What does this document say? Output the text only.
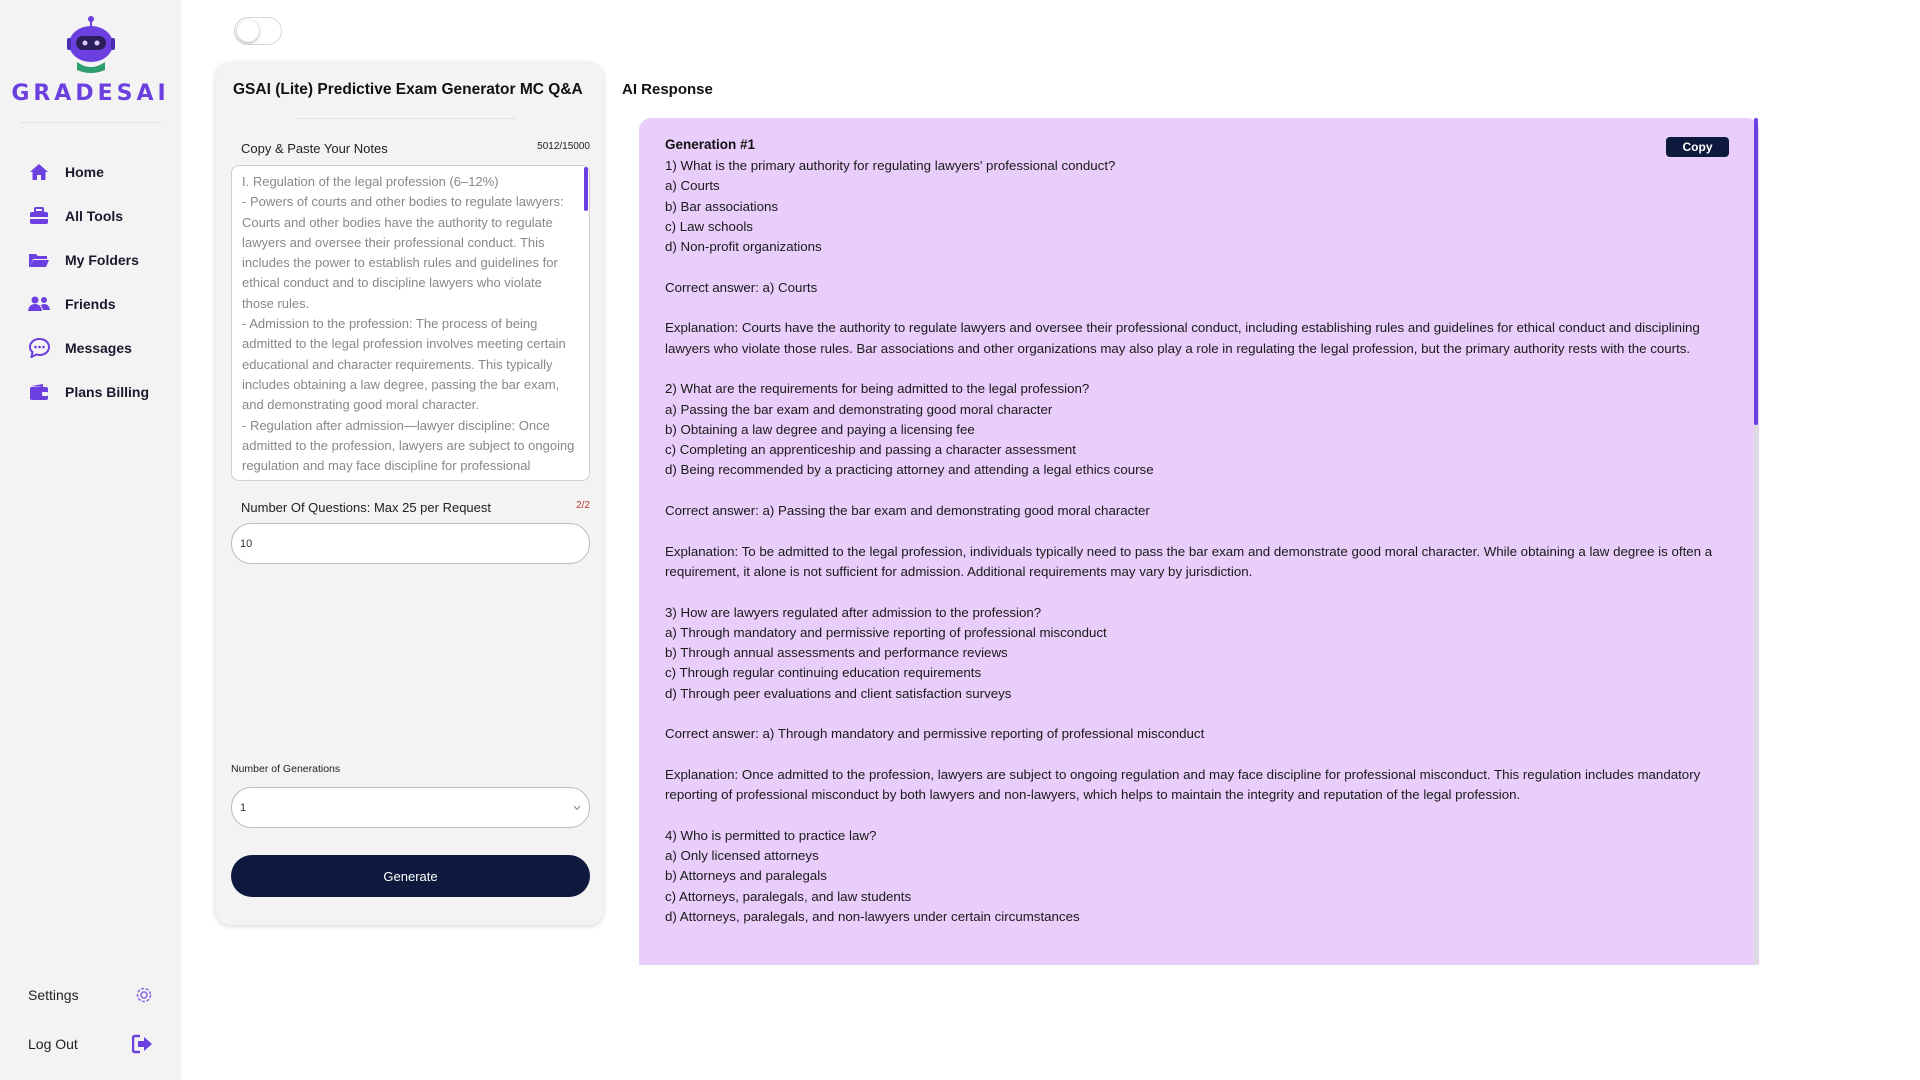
GRADESAI
Home
All Tools
My Folders
Friends
Messages
Plans Billing
Settings
Log Out
GSAI (Lite) Predictive Exam Generator MC Q&A
Copy & Paste Your Notes	5012/15000
I. Regulation of the legal profession (6–12%) - Powers of courts and other bodies to regulate lawyers: Courts and other bodies have the authority to regulate lawyers and oversee their professional conduct. This includes the power to establish rules and guidelines for ethical conduct and to discipline lawyers who violate those rules. - Admission to the profession: The process of being admitted to the legal profession involves meeting certain educational and character requirements. This typically includes obtaining a law degree, passing the bar exam, and demonstrating good moral character. - Regulation after admission—lawyer discipline: Once admitted to the profession, lawyers are subject to ongoing regulation and may face discipline for professional misconduct.
Number Of Questions: Max 25 per Request	2/2
10
Number of Generations
1
Generate
AI Response
Generation #1	Copy
1) What is the primary authority for regulating lawyers' professional conduct?
a) Courts
b) Bar associations
c) Law schools
d) Non-profit organizations
Correct answer: a) Courts
Explanation: Courts have the authority to regulate lawyers and oversee their professional conduct, including establishing rules and guidelines for ethical conduct and disciplining lawyers who violate those rules. Bar associations and other organizations may also play a role in regulating the legal profession, but the primary authority rests with the courts.
2) What are the requirements for being admitted to the legal profession?
a) Passing the bar exam and demonstrating good moral character
b) Obtaining a law degree and paying a licensing fee
c) Completing an apprenticeship and passing a character assessment
d) Being recommended by a practicing attorney and attending a legal ethics course
Correct answer: a) Passing the bar exam and demonstrating good moral character
Explanation: To be admitted to the legal profession, individuals typically need to pass the bar exam and demonstrate good moral character. While obtaining a law degree is often a requirement, it alone is not sufficient for admission. Additional requirements may vary by jurisdiction.
3) How are lawyers regulated after admission to the profession?
a) Through mandatory and permissive reporting of professional misconduct
b) Through annual assessments and performance reviews
c) Through regular continuing education requirements
d) Through peer evaluations and client satisfaction surveys
Correct answer: a) Through mandatory and permissive reporting of professional misconduct
Explanation: Once admitted to the profession, lawyers are subject to ongoing regulation and may face discipline for professional misconduct. This regulation includes mandatory reporting of professional misconduct by both lawyers and non-lawyers, which helps to maintain the integrity and reputation of the legal profession.
4) Who is permitted to practice law?
a) Only licensed attorneys
b) Attorneys and paralegals
c) Attorneys, paralegals, and law students
d) Attorneys, paralegals, and non-lawyers under certain circumstances
